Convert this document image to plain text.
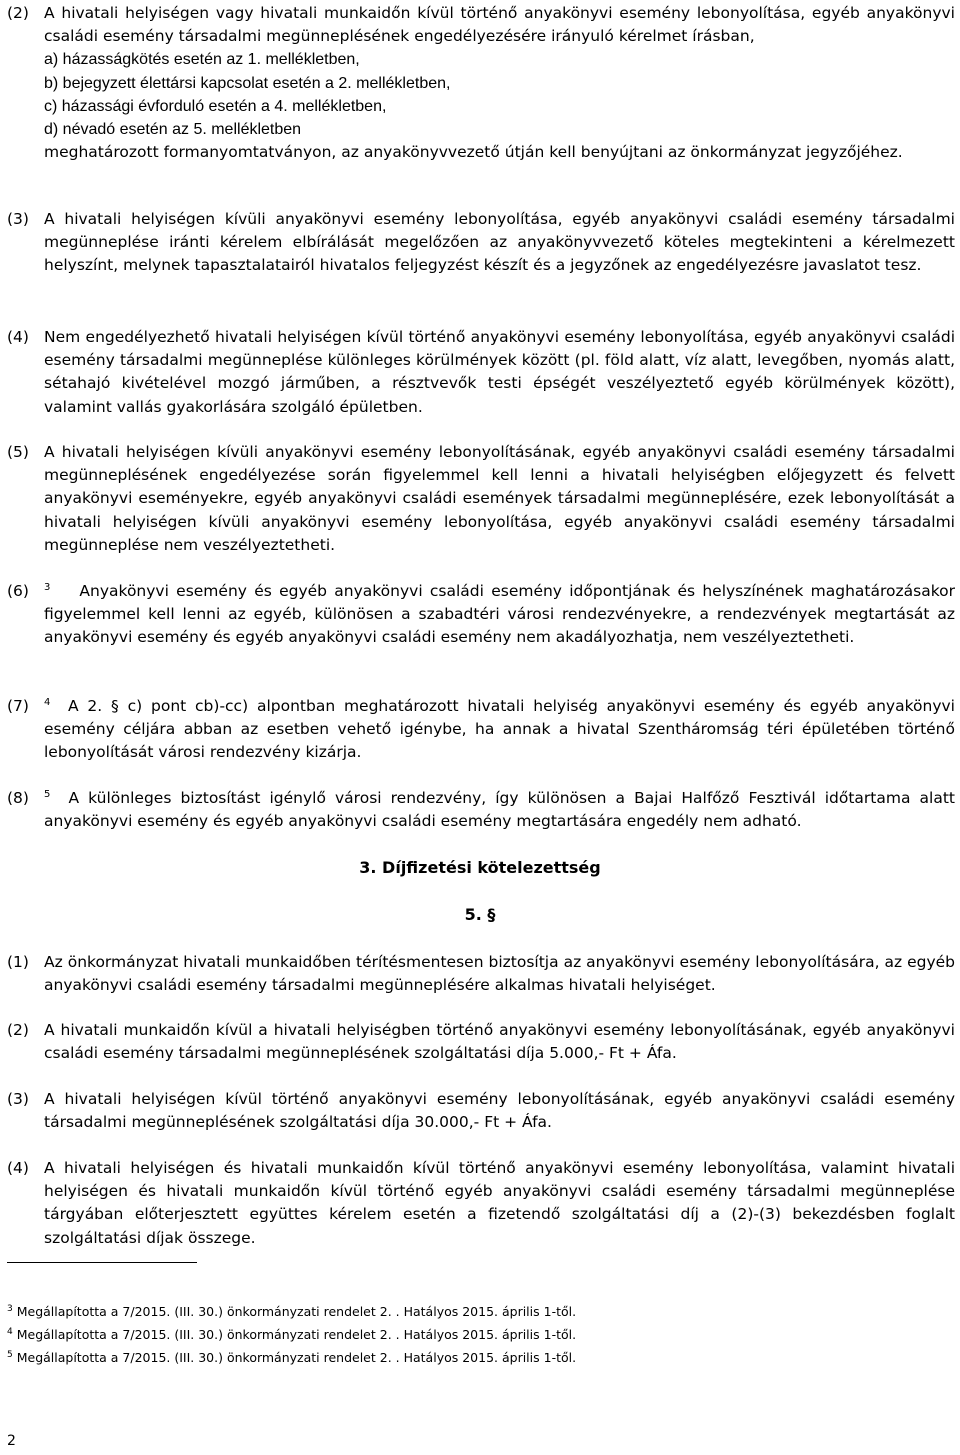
(2) A hivatali helyiségen vagy hivatali munkaidőn kívül történő anyakönyvi esemény lebonyolítása, egyéb anyakönyvi családi esemény társadalmi megünneplésének engedélyezésére irányuló kérelmet írásban,
a) házasságkötés esetén az 1. mellékletben,
b) bejegyzett élettársi kapcsolat esetén a 2. mellékletben,
c) házassági évforduló esetén a 4. mellékletben,
d) névadó esetén az 5. mellékletben
meghatározott formanyomtatványon, az anyakönyvvezető útján kell benyújtani az önkormányzat jegyzőjéhez.
(3) A hivatali helyiségen kívüli anyakönyvi esemény lebonyolítása, egyéb anyakönyvi családi esemény társadalmi megünneplése iránti kérelem elbírálását megelőzően az anyakönyvvezető köteles megtekinteni a kérelmezett helyszínt, melynek tapasztalatairól hivatalos feljegyzést készít és a jegyzőnek az engedélyezésre javaslatot tesz.
(4) Nem engedélyezhető hivatali helyiségen kívül történő anyakönyvi esemény lebonyolítása, egyéb anyakönyvi családi esemény társadalmi megünneplése különleges körülmények között (pl. föld alatt, víz alatt, levegőben, nyomás alatt, sétahajó kivételével mozgó járműben, a résztvevők testi épségét veszélyeztető egyéb körülmények között), valamint vallás gyakorlására szolgáló épületben.
(5) A hivatali helyiségen kívüli anyakönyvi esemény lebonyolításának, egyéb anyakönyvi családi esemény társadalmi megünneplésének engedélyezése során figyelemmel kell lenni a hivatali helyiségben előjegyzett és felvett anyakönyvi eseményekre, egyéb anyakönyvi családi események társadalmi megünneplésére, ezek lebonyolítását a hivatali helyiségen kívüli anyakönyvi esemény lebonyolítása, egyéb anyakönyvi családi esemény társadalmi megünneplése nem veszélyeztetheti.
(6) $^3$ Anyakönyvi esemény és egyéb anyakönyvi családi esemény időpontjának és helyszínének maghatározásakor figyelemmel kell lenni az egyéb, különösen a szabadtéri városi rendezvényekre, a rendezvények megtartását az anyakönyvi esemény és egyéb anyakönyvi családi esemény nem akadályozhatja, nem veszélyeztetheti.
(7) $^4$ A 2. § c) pont cb)-cc) alpontban meghatározott hivatali helyiség anyakönyvi esemény és egyéb anyakönyvi esemény céljára abban az esetben vehető igénybe, ha annak a hivatal Szentháromság téri épületében történő lebonyolítását városi rendezvény kizárja.
(8) $^5$ A különleges biztosítást igénylő városi rendezvény, így különösen a Bajai Halfőző Fesztivál időtartama alatt anyakönyvi esemény és egyéb anyakönyvi családi esemény megtartására engedély nem adható.
3. Díjfizetési kötelezettség
5. §
(1) Az önkormányzat hivatali munkaidőben térítésmentesen biztosítja az anyakönyvi esemény lebonyolítására, az egyéb anyakönyvi családi esemény társadalmi megünneplésére alkalmas hivatali helyiséget.
(2) A hivatali munkaidőn kívül a hivatali helyiségben történő anyakönyvi esemény lebonyolításának, egyéb anyakönyvi családi esemény társadalmi megünneplésének szolgáltatási díja 5.000,- Ft + Áfa.
(3) A hivatali helyiségen kívül történő anyakönyvi esemény lebonyolításának, egyéb anyakönyvi családi esemény társadalmi megünneplésének szolgáltatási díja 30.000,- Ft + Áfa.
(4) A hivatali helyiségen és hivatali munkaidőn kívül történő anyakönyvi esemény lebonyolítása, valamint hivatali helyiségen és hivatali munkaidőn kívül történő egyéb anyakönyvi családi esemény társadalmi megünneplése tárgyában előterjesztett együttes kérelem esetén a fizetendő szolgáltatási díj a (2)-(3) bekezdésben foglalt szolgáltatási díjak összege.
$^3$ Megállapította a 7/2015. (III. 30.) önkormányzati rendelet 2. . Hatályos 2015. április 1-től.
$^4$ Megállapította a 7/2015. (III. 30.) önkormányzati rendelet 2. . Hatályos 2015. április 1-től.
$^5$ Megállapította a 7/2015. (III. 30.) önkormányzati rendelet 2. . Hatályos 2015. április 1-től.
2
